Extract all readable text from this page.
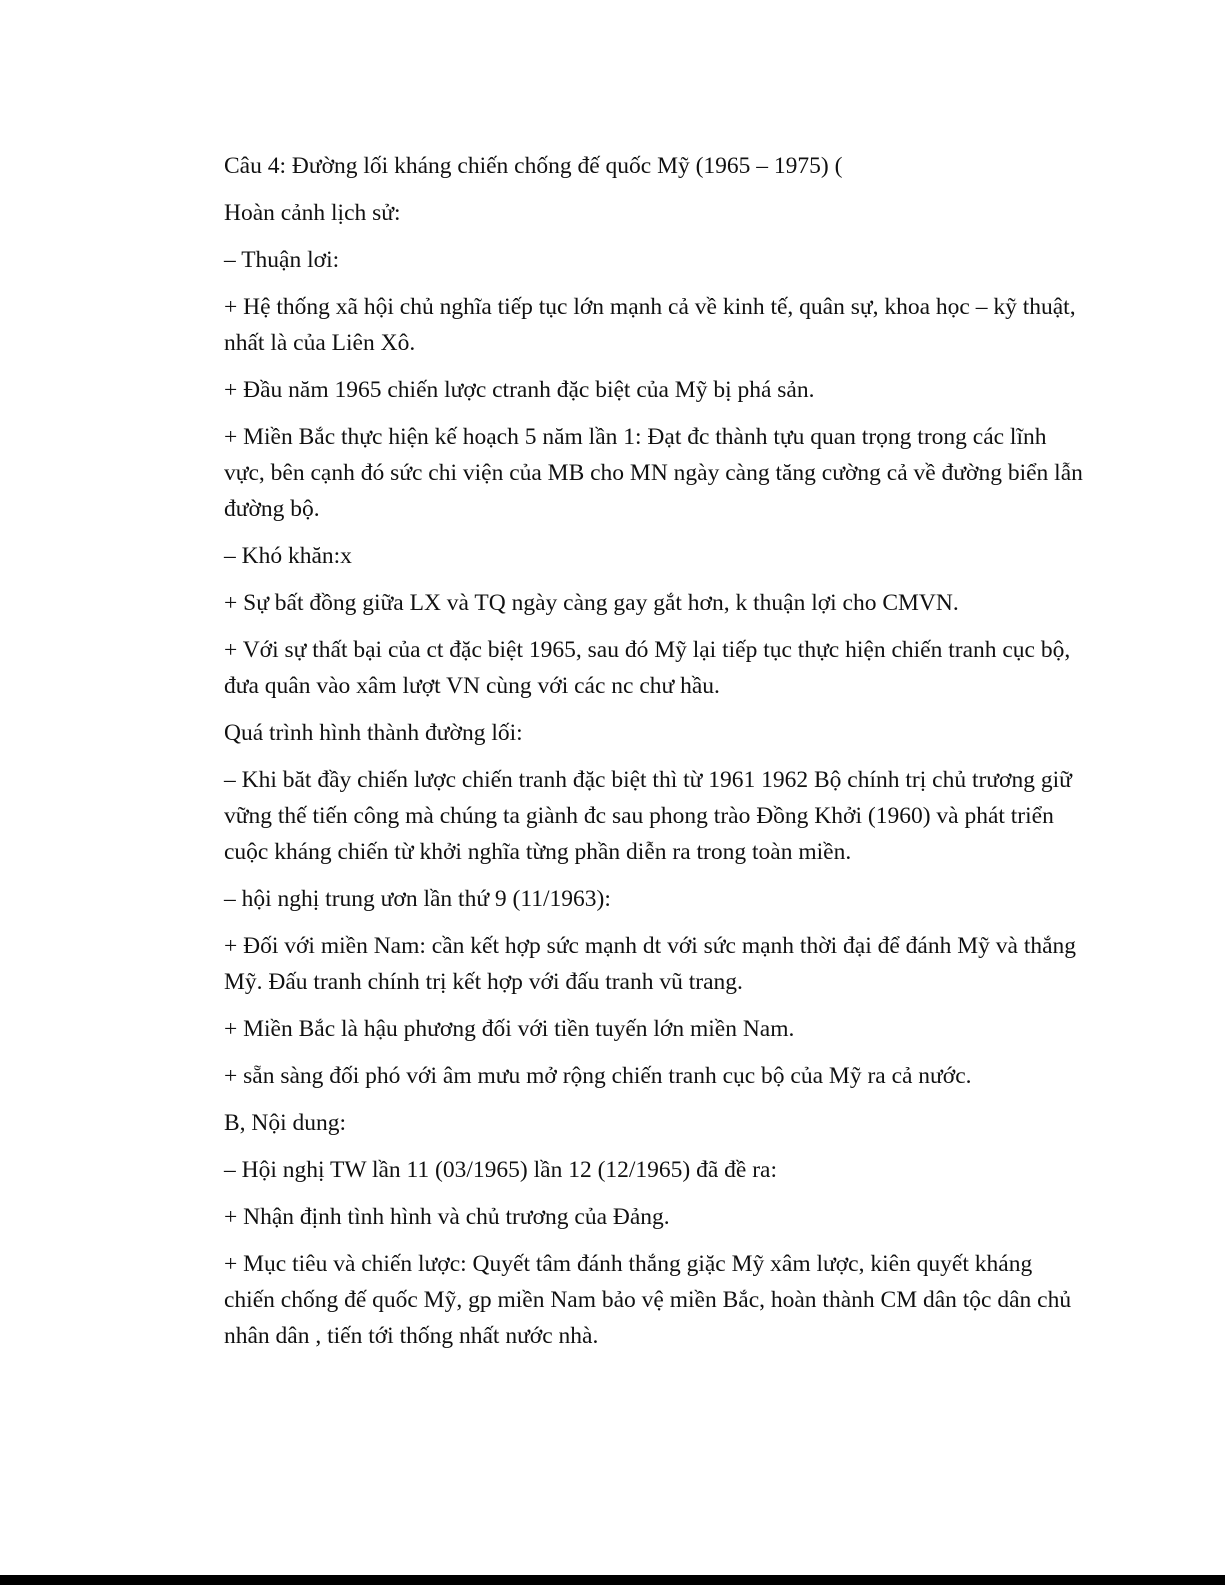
Câu 4: Đường lối kháng chiến chống đế quốc Mỹ (1965 – 1975) (

Hoàn cảnh lịch sử:

– Thuận lơi:

+ Hệ thống xã hội chủ nghĩa tiếp tục lớn mạnh cả về kinh tế, quân sự, khoa học – kỹ thuật, nhất là của Liên Xô.

+ Đầu năm 1965 chiến lược ctranh đặc biệt của Mỹ bị phá sản.

+ Miền Bắc thực hiện kế hoạch 5 năm lần 1: Đạt đc thành tựu quan trọng trong các lĩnh vực, bên cạnh đó sức chi viện của MB cho MN ngày càng tăng cường cả về đường biển lẫn đường bộ.

– Khó khăn:x

+ Sự bất đồng giữa LX và TQ ngày càng gay gắt hơn, k thuận lợi cho CMVN.

+ Với sự thất bại của ct đặc biệt 1965, sau đó Mỹ lại tiếp tục thực hiện chiến tranh cục bộ, đưa quân vào xâm lượt VN cùng với các nc chư hầu.

Quá trình hình thành đường lối:

– Khi băt đầy chiến lược chiến tranh đặc biệt thì từ 1961 1962 Bộ chính trị chủ trương giữ vững thế tiến công mà chúng ta giành đc sau phong trào Đồng Khởi (1960) và phát triển cuộc kháng chiến từ khởi nghĩa từng phần diễn ra trong toàn miền.

– hội nghị trung ươn lần thứ 9 (11/1963):

+ Đối với miền Nam: cần kết hợp sức mạnh dt với sức mạnh thời đại để đánh Mỹ và thắng Mỹ. Đấu tranh chính trị kết hợp với đấu tranh vũ trang.

+ Miền Bắc là hậu phương đối với tiền tuyến lớn miền Nam.

+ sẵn sàng đối phó với âm mưu mở rộng chiến tranh cục bộ của Mỹ ra cả nước.

B, Nội dung:

– Hội nghị TW lần 11 (03/1965) lần 12 (12/1965) đã đề ra:

+ Nhận định tình hình và chủ trương của Đảng.

+ Mục tiêu và chiến lược: Quyết tâm đánh thắng giặc Mỹ xâm lược, kiên quyết kháng chiến chống đế quốc Mỹ, gp miền Nam bảo vệ miền Bắc, hoàn thành CM dân tộc dân chủ nhân dân , tiến tới thống nhất nước nhà.
